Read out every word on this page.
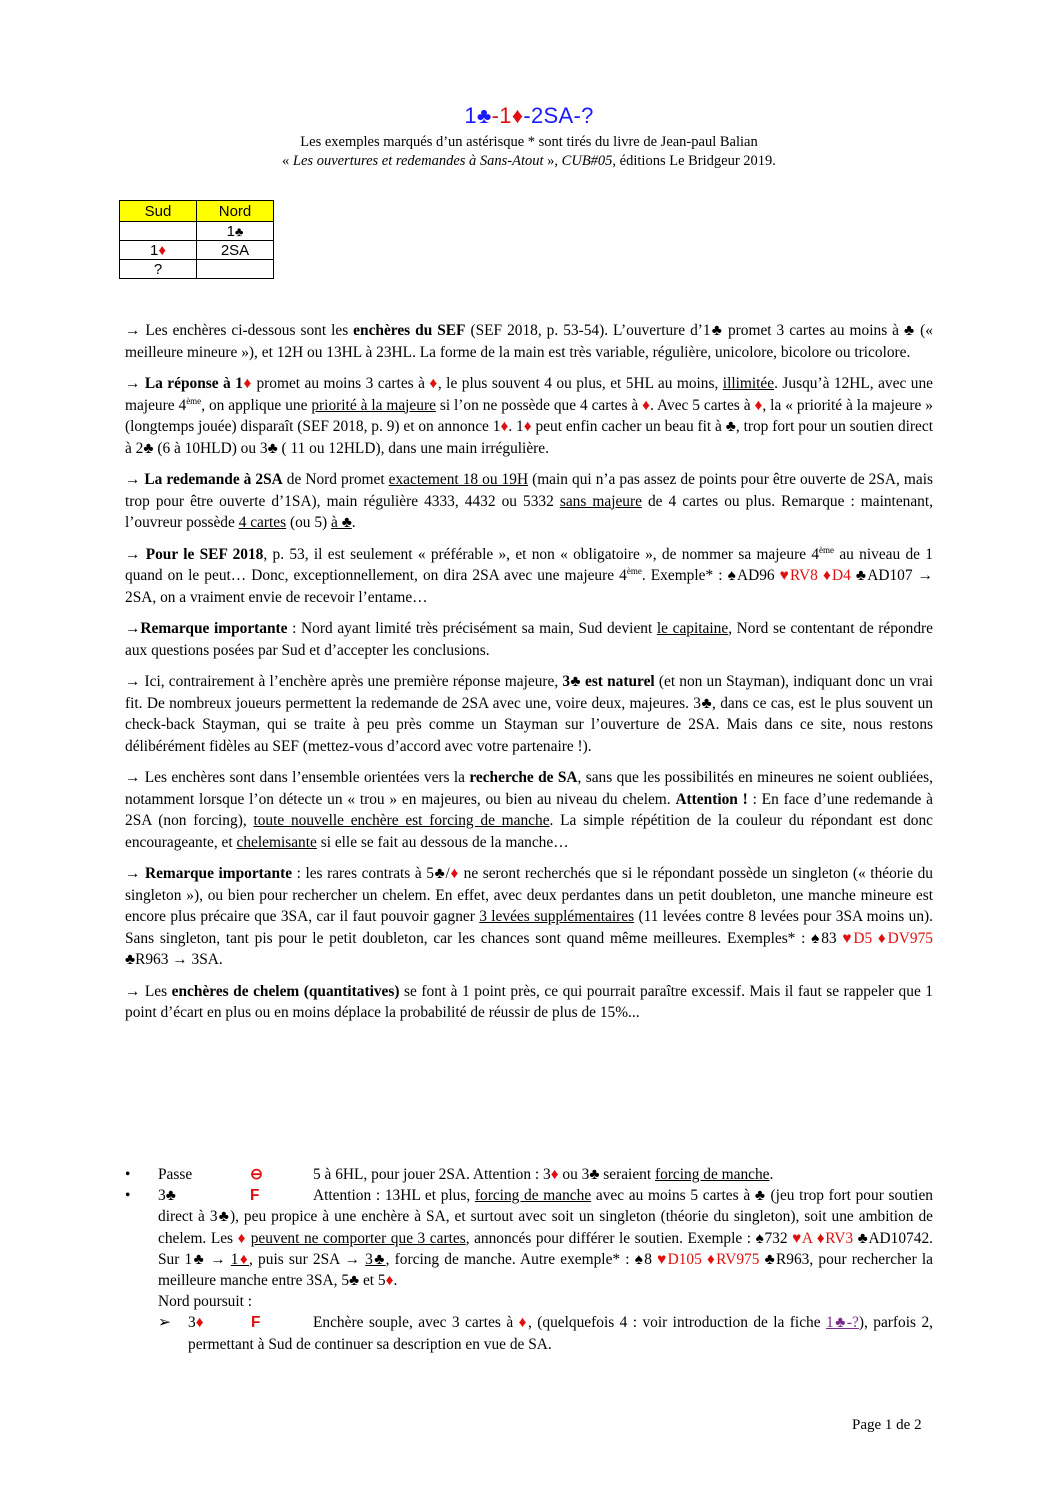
1♣-1♦-2SA-?
Les exemples marqués d’un astérisque * sont tirés du livre de Jean-paul Balian
« Les ouvertures et redemandes à Sans-Atout », CUB#05, éditions Le Bridgeur 2019.
Sud	Nord
	1♣
1♦	2SA
?	

→ Les enchères ci-dessous sont les enchères du SEF (SEF 2018, p. 53-54). L’ouverture d’1♣ promet 3 cartes au moins à ♣ (« meilleure mineure »), et 12H ou 13HL à 23HL. La forme de la main est très variable, régulière, unicolore, bicolore ou tricolore.

→ La réponse à 1♦ promet au moins 3 cartes à ♦, le plus souvent 4 ou plus, et 5HL au moins, illimitée. Jusqu’à 12HL, avec une majeure 4ème, on applique une priorité à la majeure si l’on ne possède que 4 cartes à ♦. Avec 5 cartes à ♦, la « priorité à la majeure » (longtemps jouée) disparaît (SEF 2018, p. 9) et on annonce 1♦. 1♦ peut enfin cacher un beau fit à ♣, trop fort pour un soutien direct à 2♣ (6 à 10HLD) ou 3♣ ( 11 ou 12HLD), dans une main irrégulière.

→ La redemande à 2SA de Nord promet exactement 18 ou 19H (main qui n’a pas assez de points pour être ouverte de 2SA, mais trop pour être ouverte d’1SA), main régulière 4333, 4432 ou 5332 sans majeure de 4 cartes ou plus. Remarque : maintenant, l’ouvreur possède 4 cartes (ou 5) à ♣.

→ Pour le SEF 2018, p. 53, il est seulement « préférable », et non « obligatoire », de nommer sa majeure 4ème au niveau de 1 quand on le peut… Donc, exceptionnellement, on dira 2SA avec une majeure 4ème. Exemple* : ♠AD96 ♥RV8 ♦D4 ♣AD107 → 2SA, on a vraiment envie de recevoir l’entame…

→Remarque importante : Nord ayant limité très précisément sa main, Sud devient le capitaine, Nord se contentant de répondre aux questions posées par Sud et d’accepter les conclusions.

→ Ici, contrairement à l’enchère après une première réponse majeure, 3♣ est naturel (et non un Stayman), indiquant donc un vrai fit. De nombreux joueurs permettent la redemande de 2SA avec une, voire deux, majeures. 3♣, dans ce cas, est le plus souvent un check-back Stayman, qui se traite à peu près comme un Stayman sur l’ouverture de 2SA. Mais dans ce site, nous restons délibérément fidèles au SEF (mettez-vous d’accord avec votre partenaire !).

→ Les enchères sont dans l’ensemble orientées vers la recherche de SA, sans que les possibilités en mineures ne soient oubliées, notamment lorsque l’on détecte un « trou » en majeures, ou bien au niveau du chelem. Attention ! : En face d’une redemande à 2SA (non forcing), toute nouvelle enchère est forcing de manche. La simple répétition de la couleur du répondant est donc encourageante, et chelemisante si elle se fait au dessous de la manche…

→ Remarque importante : les rares contrats à 5♣/♦ ne seront recherchés que si le répondant possède un singleton (« théorie du singleton »), ou bien pour rechercher un chelem. En effet, avec deux perdantes dans un petit doubleton, une manche mineure est encore plus précaire que 3SA, car il faut pouvoir gagner 3 levées supplémentaires (11 levées contre 8 levées pour 3SA moins un). Sans singleton, tant pis pour le petit doubleton, car les chances sont quand même meilleures. Exemples* : ♠83 ♥D5 ♦DV975 ♣R963 → 3SA.

→ Les enchères de chelem (quantitatives) se font à 1 point près, ce qui pourrait paraître excessif. Mais il faut se rappeler que 1 point d’écart en plus ou en moins déplace la probabilité de réussir de plus de 15%...

• Passe	⊖	5 à 6HL, pour jouer 2SA. Attention : 3♦ ou 3♣ seraient forcing de manche.
• 3♣	F	Attention : 13HL et plus, forcing de manche avec au moins 5 cartes à ♣ (jeu trop fort pour soutien direct à 3♣), peu propice à une enchère à SA, et surtout avec soit un singleton (théorie du singleton), soit une ambition de chelem. Les ♦ peuvent ne comporter que 3 cartes, annoncés pour différer le soutien. Exemple : ♠732 ♥A ♦RV3 ♣AD10742. Sur 1♣ → 1♦, puis sur 2SA → 3♣, forcing de manche. Autre exemple* : ♠8 ♥D105 ♦RV975 ♣R963, pour rechercher la meilleure manche entre 3SA, 5♣ et 5♦.
Nord poursuit :
➢ 3♦	F	Enchère souple, avec 3 cartes à ♦, (quelquefois 4 : voir introduction de la fiche 1♣-?), parfois 2, permettant à Sud de continuer sa description en vue de SA.
Page 1 de 2
